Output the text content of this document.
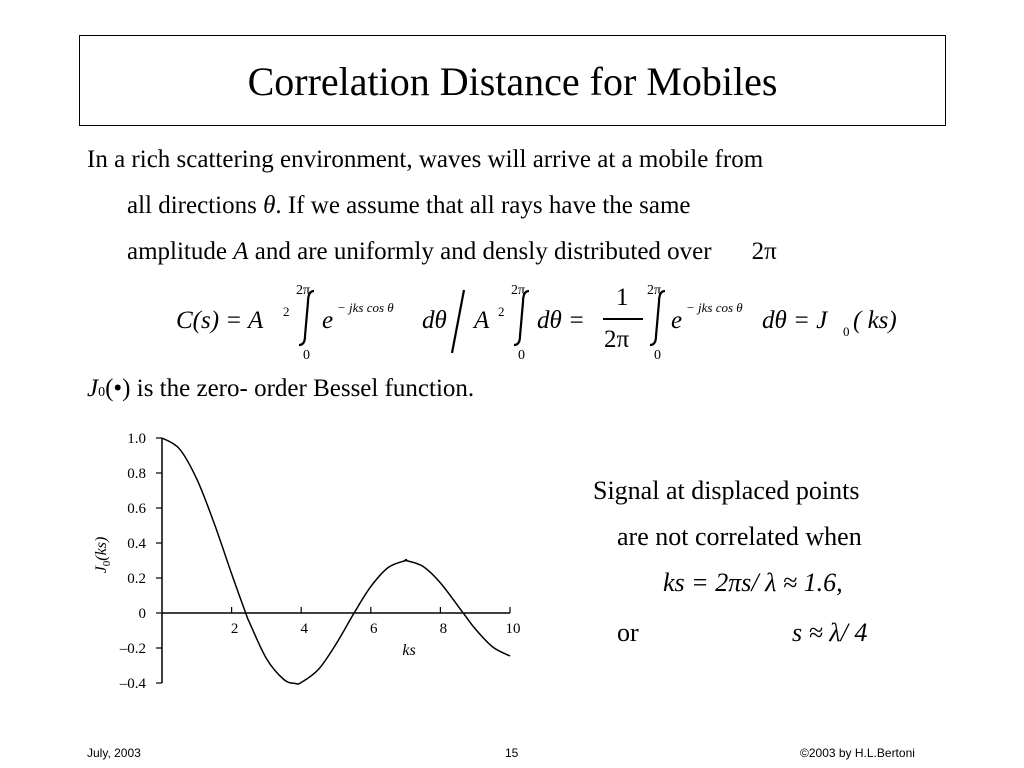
Correlation Distance for Mobiles
In a rich scattering environment, waves will arrive at a mobile from
all directions θ. If we assume that all rays have the same
amplitude A and are uniformly and densly distributed over 2π
C(s) = A 2
2π
0
e − jks cos θ dθ A 2
2π
0
dθ =
1
2π
2π
0
e − jks cos θ dθ = J 0 ( ks)
J0(•) is the zero- order Bessel function.
1.0
0.8
0.6
0.4
0.2
0
–0.2
–0.4
2	4	6	8	10
ks
$J_0(ks)$
Signal at displaced points
are not correlated when
ks = 2πs/ λ ≈ 1.6,
or	s ≈ λ/ 4
July, 2003	15	©2003 by H.L.Bertoni
